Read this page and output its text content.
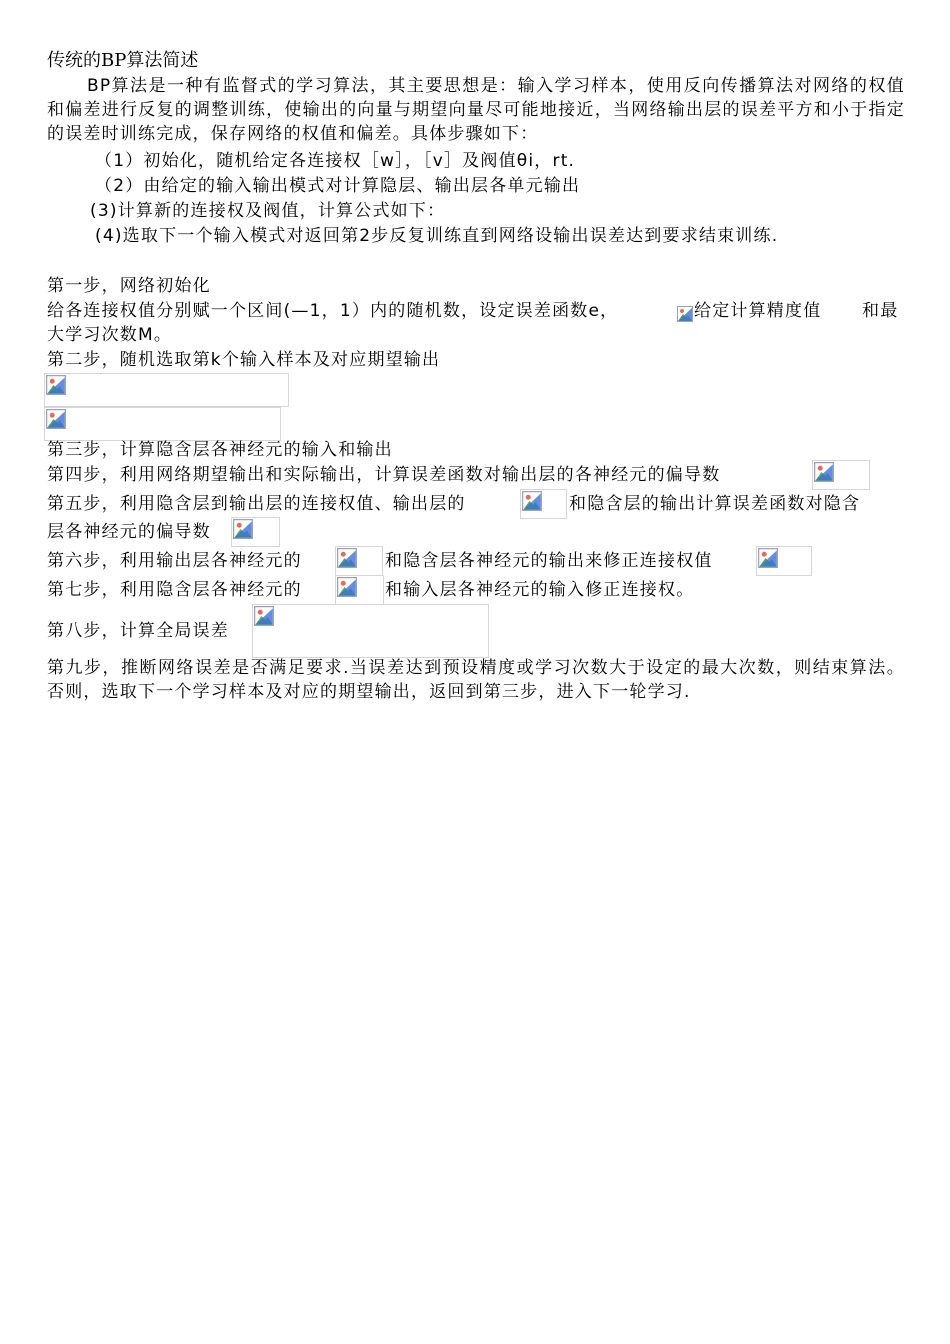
传统的BP算法简述
BP算法是一种有监督式的学习算法，其主要思想是：输入学习样本，使用反向传播算法对网络的权值和偏差进行反复的调整训练，使输出的向量与期望向量尽可能地接近，当网络输出层的误差平方和小于指定的误差时训练完成，保存网络的权值和偏差。具体步骤如下：
（1）初始化，随机给定各连接权［w］，［v］及阀值θi，rt.
（2）由给定的输入输出模式对计算隐层、输出层各单元输出
(3)计算新的连接权及阀值，计算公式如下：
(4)选取下一个输入模式对返回第2步反复训练直到网络设输出误差达到要求结束训练.
第一步，网络初始化
给各连接权值分别赋一个区间(—1，1）内的随机数，设定误差函数e，	给定计算精度值 和最
大学习次数M。
第二步，随机选取第k个输入样本及对应期望输出
第三步，计算隐含层各神经元的输入和输出
第四步，利用网络期望输出和实际输出，计算误差函数对输出层的各神经元的偏导数
第五步，利用隐含层到输出层的连接权值、输出层的	和隐含层的输出计算误差函数对隐含
层各神经元的偏导数
第六步，利用输出层各神经元的	和隐含层各神经元的输出来修正连接权值
第七步，利用隐含层各神经元的	和输入层各神经元的输入修正连接权。
第八步，计算全局误差
第九步，推断网络误差是否满足要求.当误差达到预设精度或学习次数大于设定的最大次数，则结束算法。否则，选取下一个学习样本及对应的期望输出，返回到第三步，进入下一轮学习.
